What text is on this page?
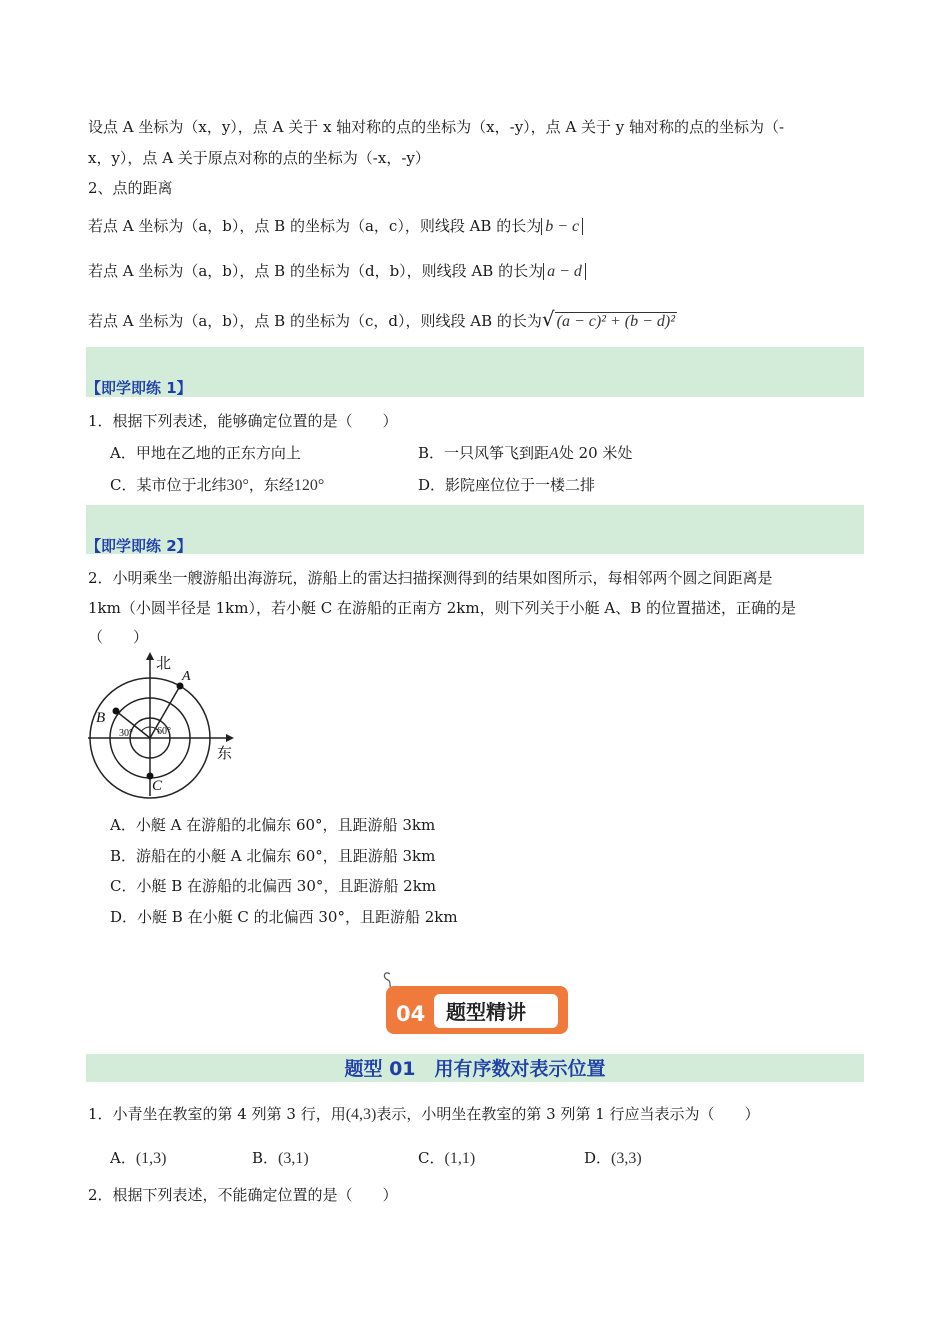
设点 A 坐标为（x，y），点 A 关于 x 轴对称的点的坐标为（x，-y），点 A 关于 y 轴对称的点的坐标为（-
x，y），点 A 关于原点对称的点的坐标为（-x，-y）
2、点的距离
若点 A 坐标为（a，b），点 B 的坐标为（a，c），则线段 AB 的长为 b − c
若点 A 坐标为（a，b），点 B 的坐标为（d，b），则线段 AB 的长为 a − d
若点 A 坐标为（a，b），点 B 的坐标为（c，d），则线段 AB 的长为√ (a − c)² + (b − d)²
【即学即练 1】
1．根据下列表述，能够确定位置的是（　　）
A．甲地在乙地的正东方向上	B．一只风筝飞到距A处 20 米处
C．某市位于北纬30°，东经120°	D．影院座位位于一楼二排
【即学即练 2】
2．小明乘坐一艘游船出海游玩，游船上的雷达扫描探测得到的结果如图所示，每相邻两个圆之间距离是
1km（小圆半径是 1km），若小艇 C 在游船的正南方 2km，则下列关于小艇 A、B 的位置描述，正确的是
（　　）
北
东
A
B
C
30° 60°
A．小艇 A 在游船的北偏东 60°，且距游船 3km
B．游船在的小艇 A 北偏东 60°，且距游船 3km
C．小艇 B 在游船的北偏西 30°，且距游船 2km
D．小艇 B 在小艇 C 的北偏西 30°，且距游船 2km
04 题型精讲
题型 01　用有序数对表示位置
1．小青坐在教室的第 4 列第 3 行，用(4,3)表示，小明坐在教室的第 3 列第 1 行应当表示为（　　）
A．(1,3)	B．(3,1)	C．(1,1)	D．(3,3)
2．根据下列表述，不能确定位置的是（　　）
